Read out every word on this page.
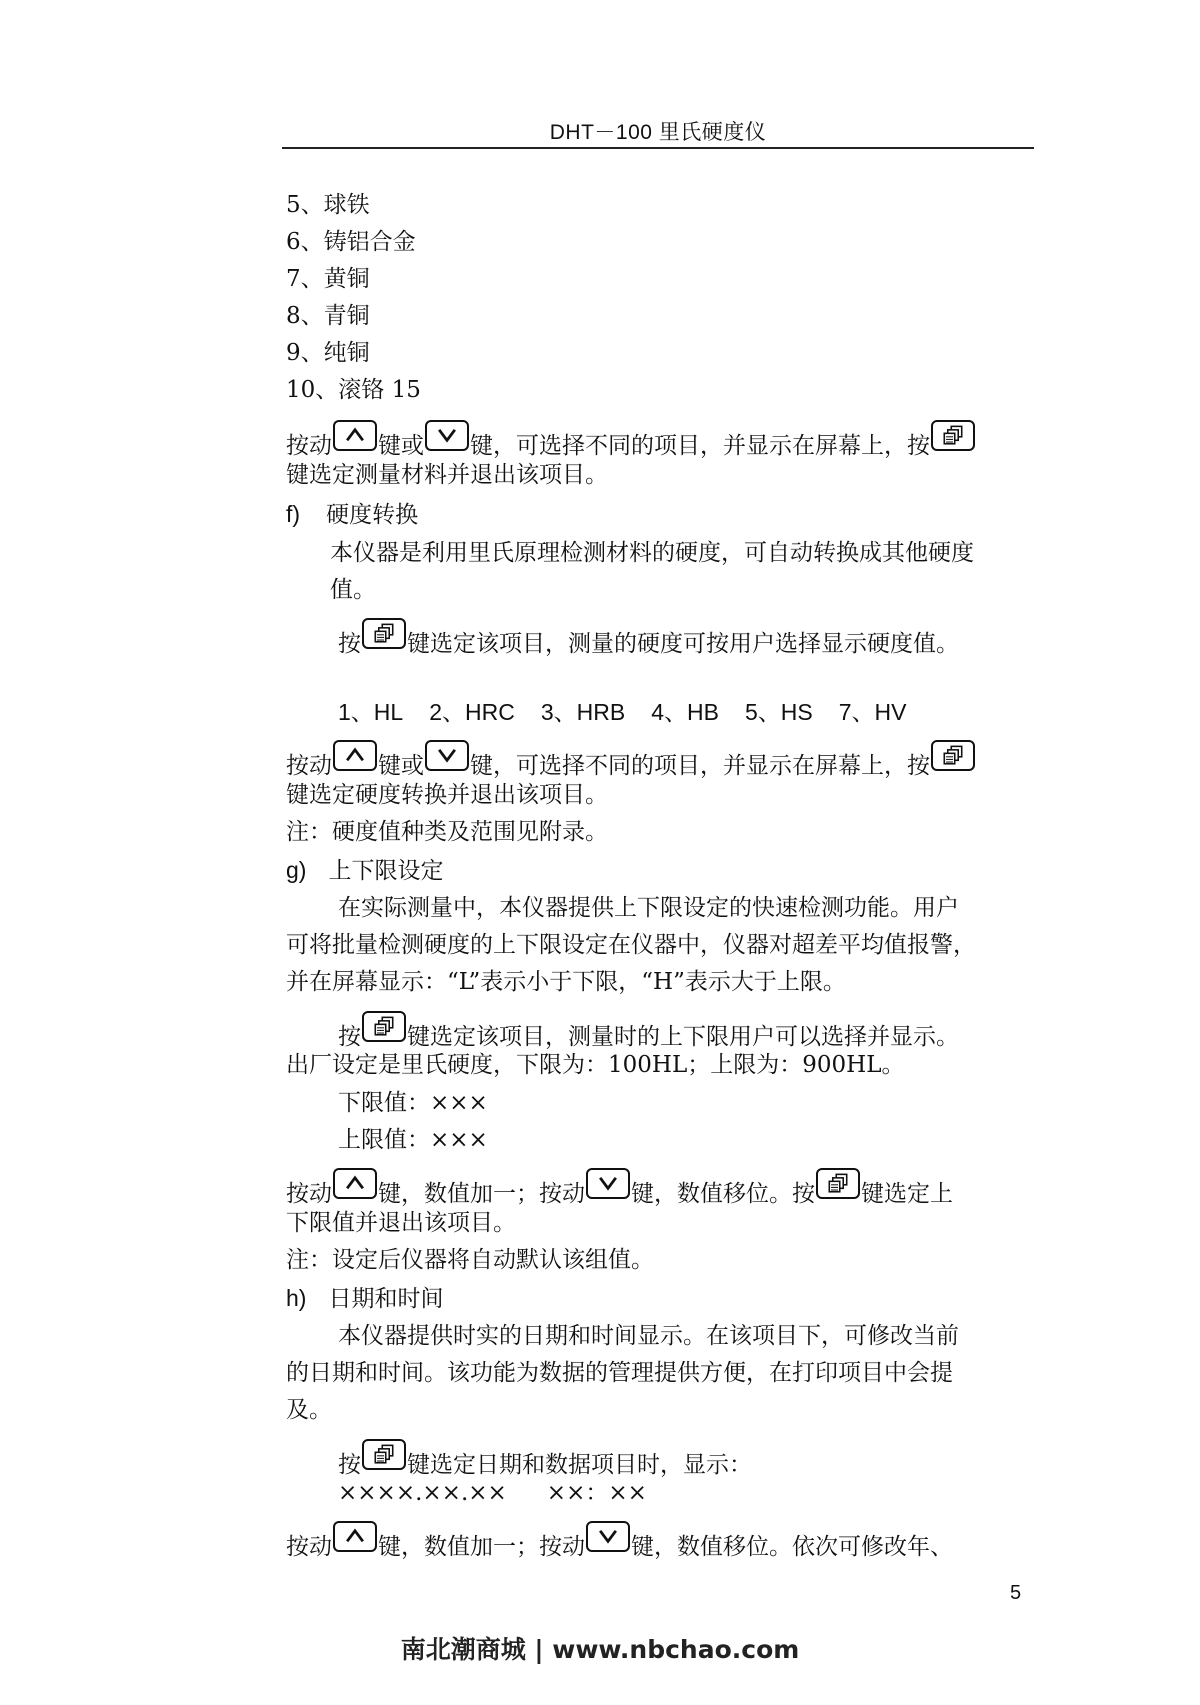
DHT－100 里氏硬度仪
5、球铁
6、铸铝合金
7、黄铜
8、青铜
9、纯铜
10、滚铬 15
按动 键或 键，可选择不同的项目，并显示在屏幕上，按
键选定测量材料并退出该项目。
f) 硬度转换
本仪器是利用里氏原理检测材料的硬度，可自动转换成其他硬度
值。
按 键选定该项目，测量的硬度可按用户选择显示硬度值。
1、HL 2、HRC 3、HRB 4、HB 5、HS 7、HV
按动 键或 键，可选择不同的项目，并显示在屏幕上，按
键选定硬度转换并退出该项目。
注：硬度值种类及范围见附录。
g) 上下限设定
在实际测量中，本仪器提供上下限设定的快速检测功能。用户
可将批量检测硬度的上下限设定在仪器中，仪器对超差平均值报警，
并在屏幕显示：“L”表示小于下限，“H”表示大于上限。
按 键选定该项目，测量时的上下限用户可以选择并显示。
出厂设定是里氏硬度，下限为：100HL；上限为：900HL。
下限值：×××
上限值：×××
按动 键，数值加一；按动 键，数值移位。按 键选定上
下限值并退出该项目。
注：设定后仪器将自动默认该组值。
h) 日期和时间
本仪器提供时实的日期和时间显示。在该项目下，可修改当前
的日期和时间。该功能为数据的管理提供方便，在打印项目中会提
及。
按 键选定日期和数据项目时，显示：
××××.××.×× ××：××
按动 键，数值加一；按动 键，数值移位。依次可修改年、
5
南北潮商城 | www.nbchao.com
